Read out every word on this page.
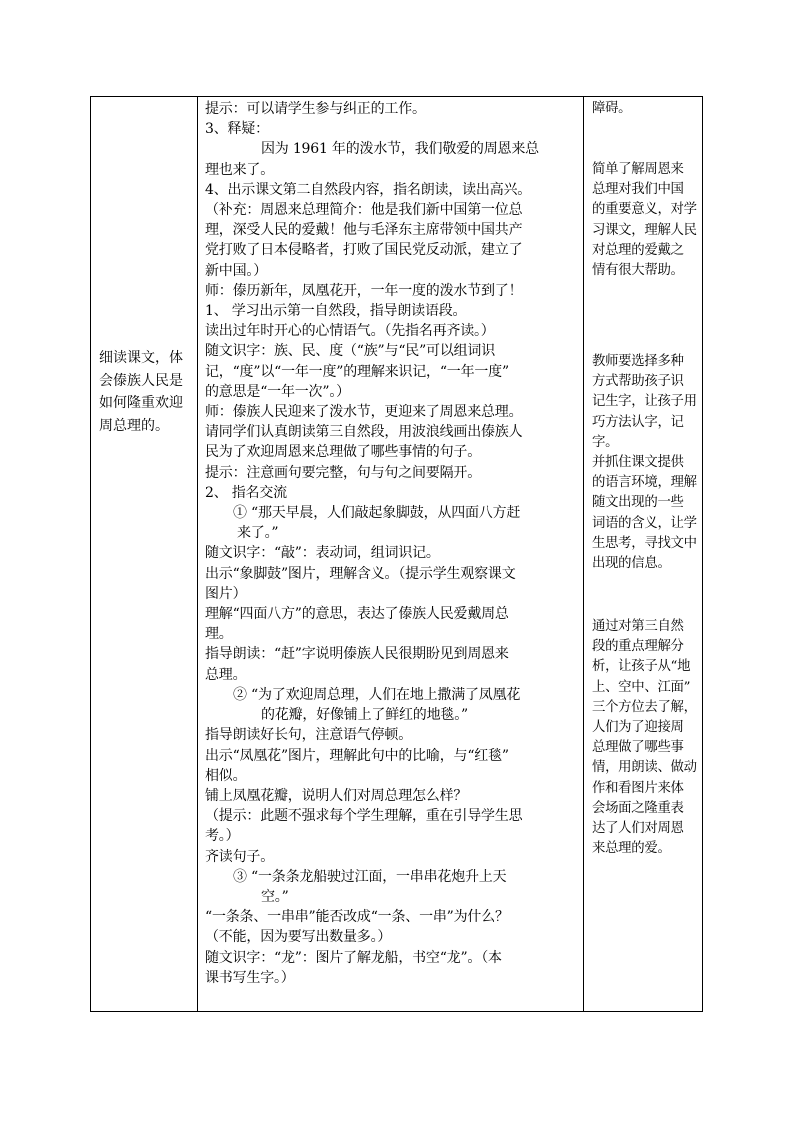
细读课文，体会傣族人民是如何隆重欢迎周总理的。

提示：可以请学生参与纠正的工作。

3、释疑：

因为 1961 年的泼水节，我们敬爱的周恩来总

理也来了。

4、出示课文第二自然段内容，指名朗读，读出高兴。

（补充：周恩来总理简介：他是我们新中国第一位总

理，深受人民的爱戴！他与毛泽东主席带领中国共产

党打败了日本侵略者，打败了国民党反动派，建立了

新中国。）

师：傣历新年，凤凰花开，一年一度的泼水节到了！

1、 学习出示第一自然段，指导朗读语段。

读出过年时开心的心情语气。（先指名再齐读。）

随文识字：族、民、度（“族”与“民”可以组词识

记，“度”以“一年一度”的理解来识记，“一年一度”

的意思是“一年一次”。）

师：傣族人民迎来了泼水节，更迎来了周恩来总理。

请同学们认真朗读第三自然段，用波浪线画出傣族人

民为了欢迎周恩来总理做了哪些事情的句子。

提示：注意画句要完整，句与句之间要隔开。

2、 指名交流

① “那天早晨，人们敲起象脚鼓，从四面八方赶

来了。”

随文识字：“敲”：表动词，组词识记。

出示“象脚鼓”图片，理解含义。（提示学生观察课文

图片）

理解“四面八方”的意思，表达了傣族人民爱戴周总

理。

指导朗读：“赶”字说明傣族人民很期盼见到周恩来

总理。

② “为了欢迎周总理，人们在地上撒满了凤凰花

的花瓣，好像铺上了鲜红的地毯。”

指导朗读好长句，注意语气停顿。

出示“凤凰花”图片，理解此句中的比喻，与“红毯”

相似。

铺上凤凰花瓣，说明人们对周总理怎么样？

（提示：此题不强求每个学生理解，重在引导学生思

考。）

齐读句子。

③ “一条条龙船驶过江面，一串串花炮升上天

空。”

“一条条、一串串”能否改成“一条、一串”为什么？

（不能，因为要写出数量多。）

随文识字：“龙”：图片了解龙船，书空“龙”。（本

课书写生字。）

障碍。

简单了解周恩来

总理对我们中国

的重要意义，对学

习课文，理解人民

对总理的爱戴之

情有很大帮助。

教师要选择多种

方式帮助孩子识

记生字，让孩子用

巧方法认字，记字。

并抓住课文提供

的语言环境，理解

随文出现的一些

词语的含义，让学

生思考，寻找文中

出现的信息。

通过对第三自然

段的重点理解分

析，让孩子从“地

上、空中、江面”

三个方位去了解，

人们为了迎接周

总理做了哪些事

情，用朗读、做动

作和看图片来体

会场面之隆重表

达了人们对周恩

来总理的爱。
